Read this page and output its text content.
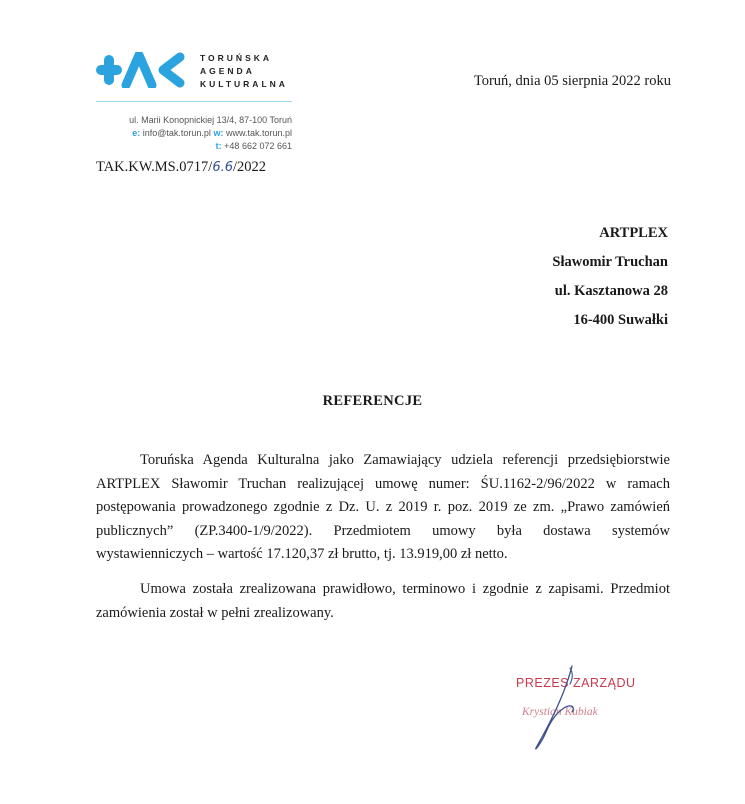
TORUŃSKA
AGENDA
KULTURALNA
ul. Marii Konopnickiej 13/4, 87-100 Toruń
e: info@tak.torun.pl w: www.tak.torun.pl
t: +48 662 072 661
TAK.KW.MS.0717/6.6/2022
Toruń, dnia 05 sierpnia 2022 roku
ARTPLEX
Sławomir Truchan
ul. Kasztanowa 28
16-400 Suwałki
REFERENCJE

Toruńska Agenda Kulturalna jako Zamawiający udziela referencji przedsiębiorstwie ARTPLEX Sławomir Truchan realizującej umowę numer: ŚU.1162-2/96/2022 w ramach postępowania prowadzonego zgodnie z Dz. U. z 2019 r. poz. 2019 ze zm. „Prawo zamówień publicznych” (ZP.3400-1/9/2022). Przedmiotem umowy była dostawa systemów wystawienniczych – wartość 17.120,37 zł brutto, tj. 13.919,00 zł netto.

Umowa została zrealizowana prawidłowo, terminowo i zgodnie z zapisami. Przedmiot zamówienia został w pełni zrealizowany.

PREZES ZARZĄDU
Krystian Kubiak
